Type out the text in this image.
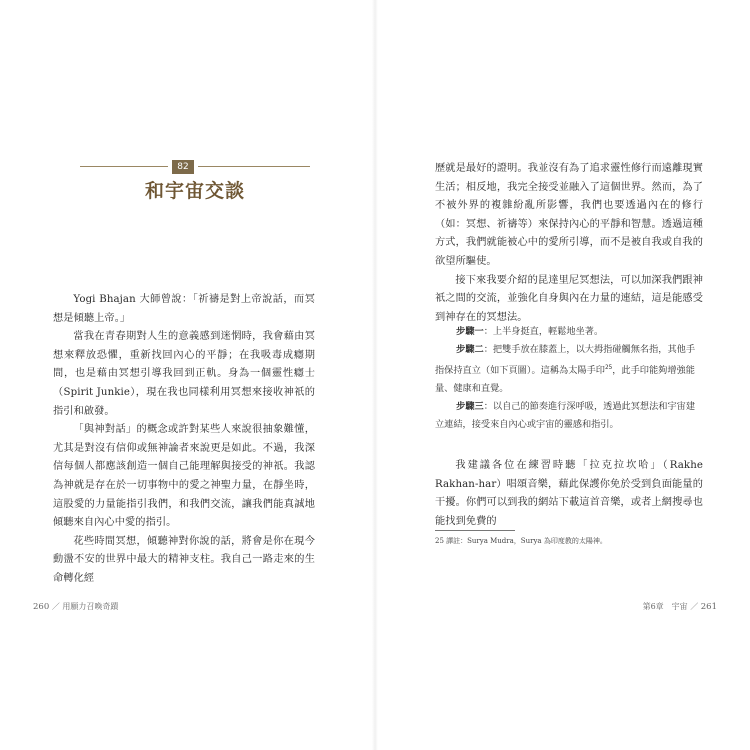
82
和宇宙交談

Yogi Bhajan 大師曾說：「祈禱是對上帝說話，而冥想是傾聽上帝。」

當我在青春期對人生的意義感到迷惘時，我會藉由冥想來釋放恐懼，重新找回內心的平靜；在我吸毒成癮期間，也是藉由冥想引導我回到正軌。身為一個靈性癮士（Spirit Junkie），現在我也同樣利用冥想來接收神祇的指引和啟發。

「與神對話」的概念或許對某些人來說很抽象難懂，尤其是對沒有信仰或無神論者來說更是如此。不過，我深信每個人都應該創造一個自己能理解與接受的神祇。我認為神就是存在於一切事物中的愛之神聖力量，在靜坐時，這股愛的力量能指引我們，和我們交流，讓我們能真誠地傾聽來自內心中愛的指引。

花些時間冥想，傾聽神對你說的話，將會是你在現今動盪不安的世界中最大的精神支柱。我自己一路走來的生命轉化經

260 ／ 用願力召喚奇蹟

歷就是最好的證明。我並沒有為了追求靈性修行而遠離現實生活；相反地，我完全接受並融入了這個世界。然而，為了不被外界的複雜紛亂所影響，我們也要透過內在的修行（如：冥想、祈禱等）來保持內心的平靜和智慧。透過這種方式，我們就能被心中的愛所引導，而不是被自我或自我的欲望所驅使。

接下來我要介紹的昆達里尼冥想法，可以加深我們跟神祇之間的交流，並強化自身與內在力量的連結，這是能感受到神存在的冥想法。

步驟一：上半身挺直，輕鬆地坐著。

步驟二：把雙手放在膝蓋上，以大拇指碰觸無名指，其他手指保持直立（如下頁圖）。這稱為太陽手印$^{25}$，此手印能夠增強能量、健康和直覺。

步驟三：以自己的節奏進行深呼吸，透過此冥想法和宇宙建立連結，接受來自內心或宇宙的靈感和指引。

我建議各位在練習時聽「拉克拉坎哈」（Rakhe Rakhan-har）唱頌音樂，藉此保護你免於受到負面能量的干擾。你們可以到我的網站下載這首音樂，或者上網搜尋也能找到免費的

25 譯註：Surya Mudra，Surya 為印度教的太陽神。
第6章　宇宙 ／ 261
